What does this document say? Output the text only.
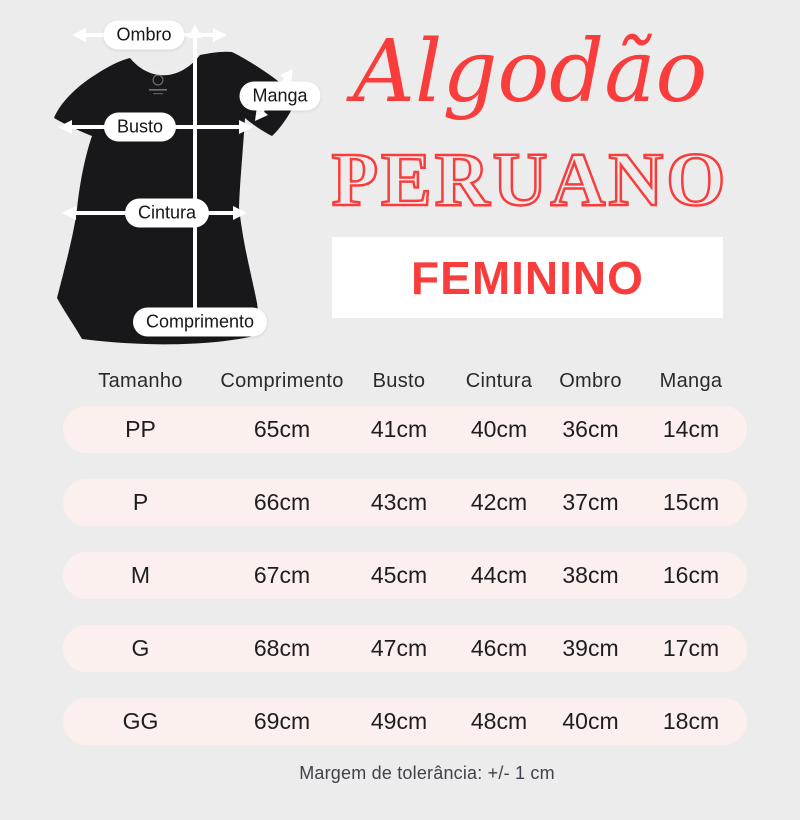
PP
Ombro
Manga
Busto
Cintura
Comprimento
Algodão
PERUANO
FEMININO
Tamanho	Comprimento	Busto	Cintura	Ombro	Manga
PP	65cm	41cm	40cm	36cm	14cm
P	66cm	43cm	42cm	37cm	15cm
M	67cm	45cm	44cm	38cm	16cm
G	68cm	47cm	46cm	39cm	17cm
GG	69cm	49cm	48cm	40cm	18cm
Margem de tolerância: +/- 1 cm
